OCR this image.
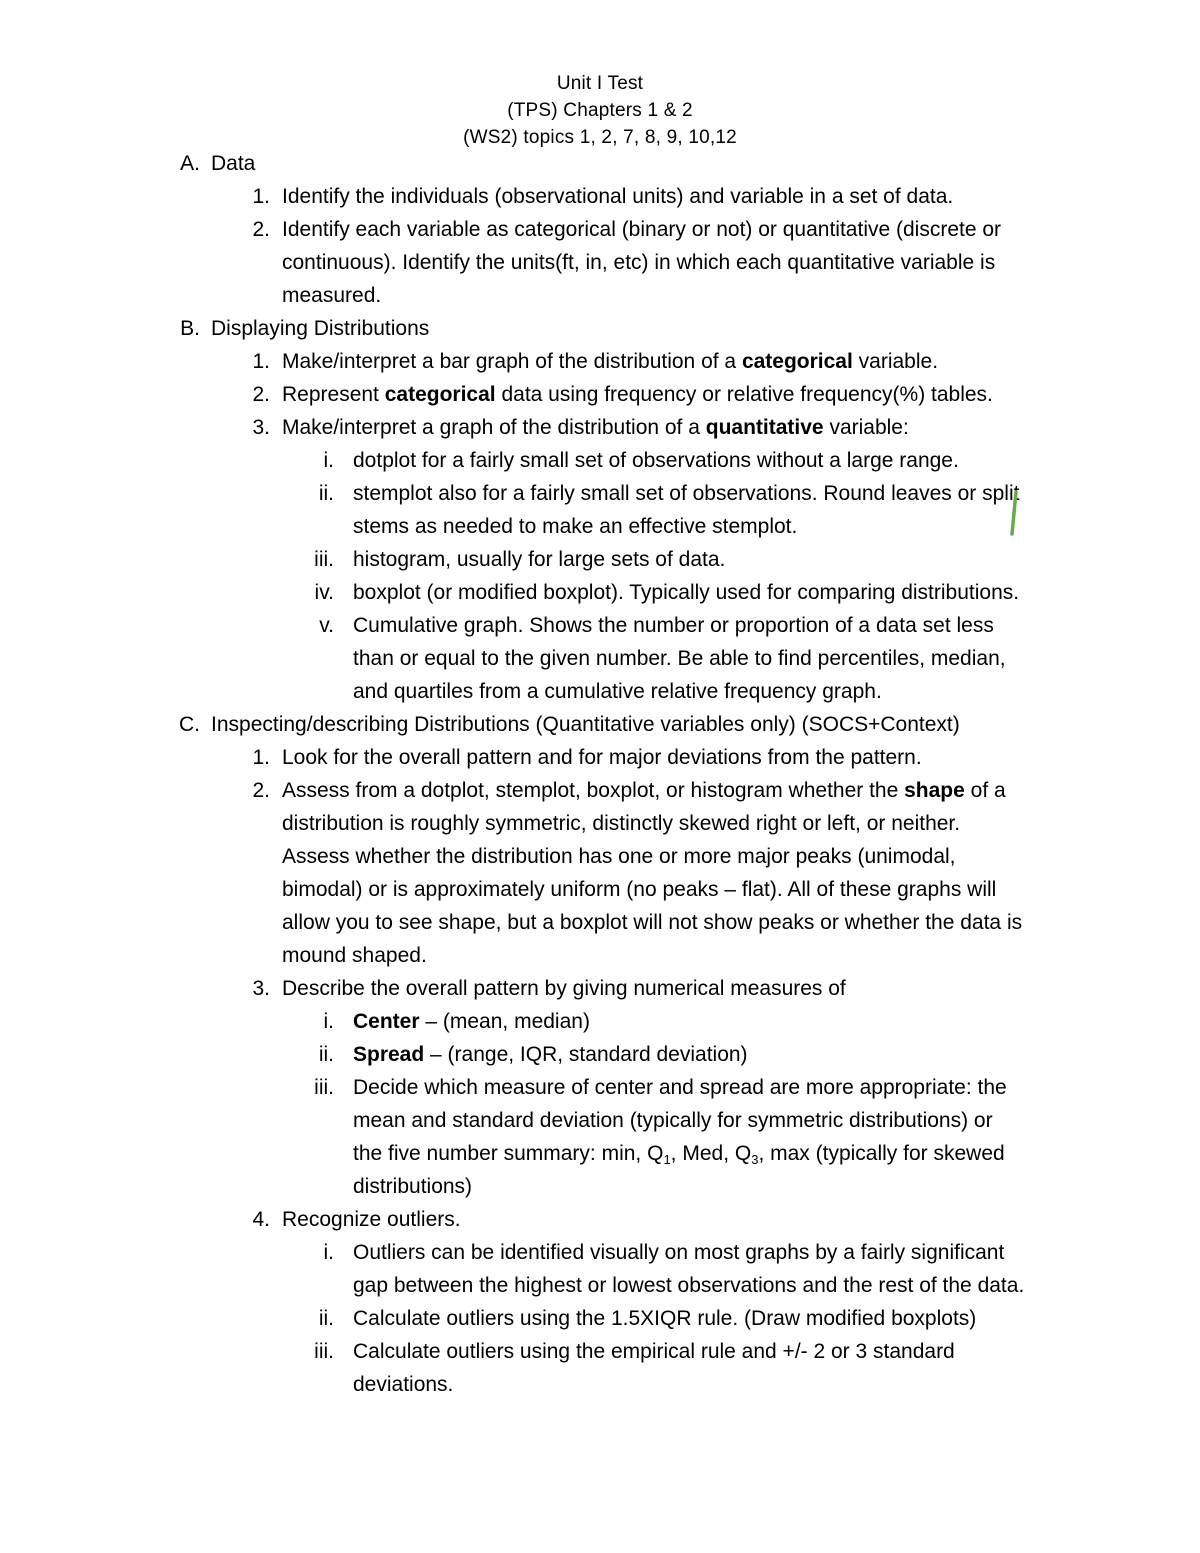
Unit I Test
(TPS) Chapters 1 & 2
(WS2) topics 1, 2, 7, 8, 9, 10,12
A. Data
1. Identify the individuals (observational units) and variable in a set of data.
2. Identify each variable as categorical (binary or not) or quantitative (discrete or
continuous). Identify the units(ft, in, etc) in which each quantitative variable is
measured.
B. Displaying Distributions
1. Make/interpret a bar graph of the distribution of a categorical variable.
2. Represent categorical data using frequency or relative frequency(%) tables.
3. Make/interpret a graph of the distribution of a quantitative variable:
i. dotplot for a fairly small set of observations without a large range.
ii. stemplot also for a fairly small set of observations. Round leaves or split
stems as needed to make an effective stemplot.
iii. histogram, usually for large sets of data.
iv. boxplot (or modified boxplot). Typically used for comparing distributions.
v. Cumulative graph. Shows the number or proportion of a data set less
than or equal to the given number. Be able to find percentiles, median,
and quartiles from a cumulative relative frequency graph.
C. Inspecting/describing Distributions (Quantitative variables only) (SOCS+Context)
1. Look for the overall pattern and for major deviations from the pattern.
2. Assess from a dotplot, stemplot, boxplot, or histogram whether the shape of a
distribution is roughly symmetric, distinctly skewed right or left, or neither.
Assess whether the distribution has one or more major peaks (unimodal,
bimodal) or is approximately uniform (no peaks – flat). All of these graphs will
allow you to see shape, but a boxplot will not show peaks or whether the data is
mound shaped.
3. Describe the overall pattern by giving numerical measures of
i. Center – (mean, median)
ii. Spread – (range, IQR, standard deviation)
iii. Decide which measure of center and spread are more appropriate: the
mean and standard deviation (typically for symmetric distributions) or
the five number summary: min, $Q_1$, Med, $Q_3$, max (typically for skewed
distributions)
4. Recognize outliers.
i. Outliers can be identified visually on most graphs by a fairly significant
gap between the highest or lowest observations and the rest of the data.
ii. Calculate outliers using the 1.5XIQR rule. (Draw modified boxplots)
iii. Calculate outliers using the empirical rule and +/- 2 or 3 standard
deviations.
